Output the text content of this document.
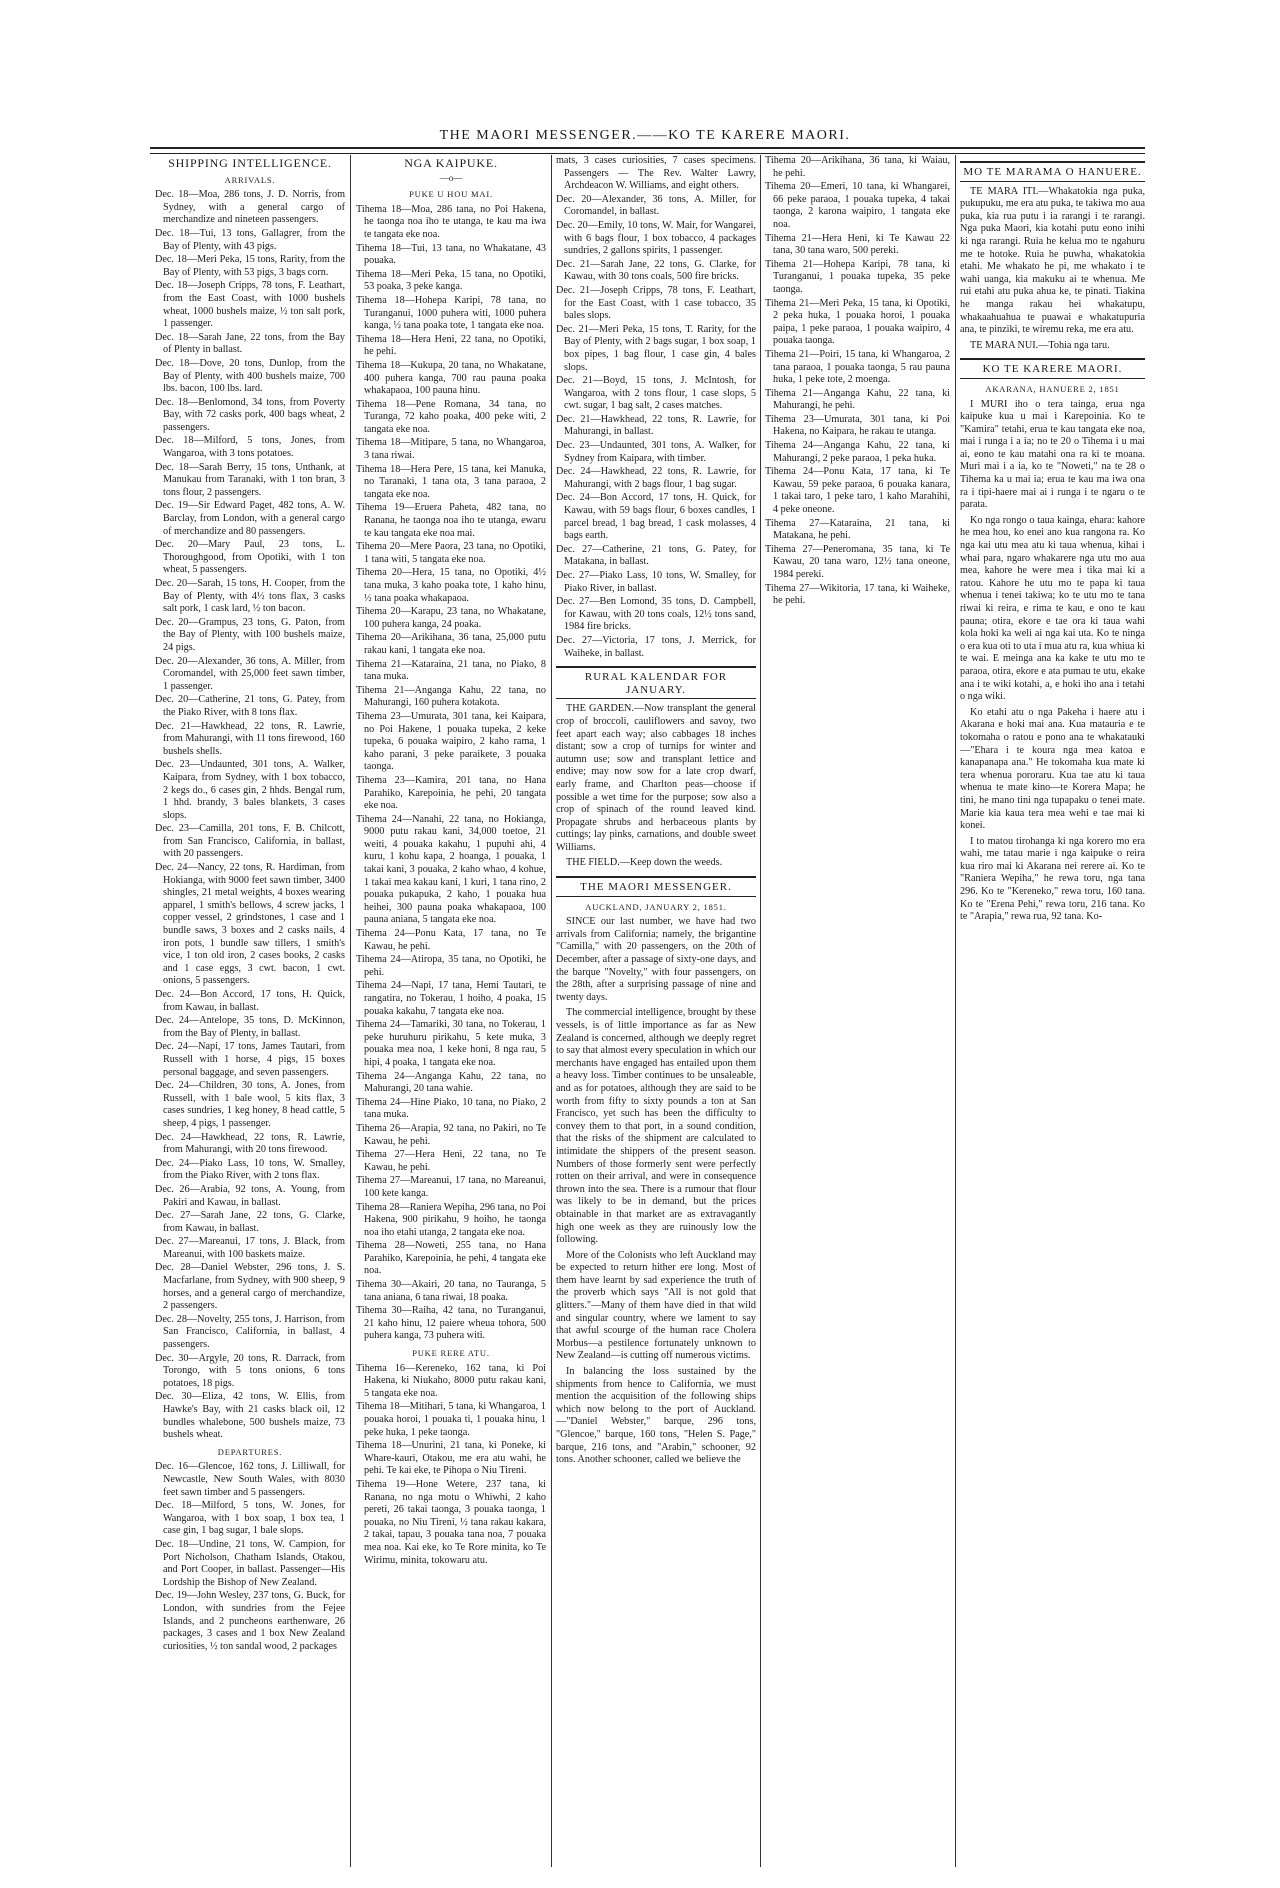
THE MAORI MESSENGER.——KO TE KARERE MAORI.
SHIPPING INTELLIGENCE.
ARRIVALS.

Dec. 18—Moa, 286 tons, J. D. Norris, from Sydney, with a general cargo of merchandize and nineteen passengers.

Dec. 18—Tui, 13 tons, Gallagrer, from the Bay of Plenty, with 43 pigs.

Dec. 18—Meri Peka, 15 tons, Rarity, from the Bay of Plenty, with 53 pigs, 3 bags corn.

Dec. 18—Joseph Cripps, 78 tons, F. Leathart, from the East Coast, with 1000 bushels wheat, 1000 bushels maize, ½ ton salt pork, 1 passenger.

Dec. 18—Sarah Jane, 22 tons, from the Bay of Plenty in ballast.

Dec. 18—Dove, 20 tons, Dunlop, from the Bay of Plenty, with 400 bushels maize, 700 lbs. bacon, 100 lbs. lard.

Dec. 18—Benlomond, 34 tons, from Poverty Bay, with 72 casks pork, 400 bags wheat, 2 passengers.

Dec. 18—Milford, 5 tons, Jones, from Wangaroa, with 3 tons potatoes.

Dec. 18—Sarah Berry, 15 tons, Unthank, at Manukau from Taranaki, with 1 ton bran, 3 tons flour, 2 passengers.

Dec. 19—Sir Edward Paget, 482 tons, A. W. Barclay, from London, with a general cargo of merchandize and 80 passengers.

Dec. 20—Mary Paul, 23 tons, L. Thoroughgood, from Opotiki, with 1 ton wheat, 5 passengers.

Dec. 20—Sarah, 15 tons, H. Cooper, from the Bay of Plenty, with 4½ tons flax, 3 casks salt pork, 1 cask lard, ½ ton bacon.

Dec. 20—Grampus, 23 tons, G. Paton, from the Bay of Plenty, with 100 bushels maize, 24 pigs.

Dec. 20—Alexander, 36 tons, A. Miller, from Coromandel, with 25,000 feet sawn timber, 1 passenger.

Dec. 20—Catherine, 21 tons, G. Patey, from the Piako River, with 8 tons flax.

Dec. 21—Hawkhead, 22 tons, R. Lawrie, from Mahurangi, with 11 tons firewood, 160 bushels shells.

Dec. 23—Undaunted, 301 tons, A. Walker, Kaipara, from Sydney, with 1 box tobacco, 2 kegs do., 6 cases gin, 2 hhds. Bengal rum, 1 hhd. brandy, 3 bales blankets, 3 cases slops.

Dec. 23—Camilla, 201 tons, F. B. Chilcott, from San Francisco, California, in ballast, with 20 passengers.

Dec. 24—Nancy, 22 tons, R. Hardiman, from Hokianga, with 9000 feet sawn timber, 3400 shingles, 21 metal weights, 4 boxes wearing apparel, 1 smith's bellows, 4 screw jacks, 1 copper vessel, 2 grindstones, 1 case and 1 bundle saws, 3 boxes and 2 casks nails, 4 iron pots, 1 bundle saw tillers, 1 smith's vice, 1 ton old iron, 2 cases books, 2 casks and 1 case eggs, 3 cwt. bacon, 1 cwt. onions, 5 passengers.

Dec. 24—Bon Accord, 17 tons, H. Quick, from Kawau, in ballast.

Dec. 24—Antelope, 35 tons, D. McKinnon, from the Bay of Plenty, in ballast.

Dec. 24—Napi, 17 tons, James Tautari, from Russell with 1 horse, 4 pigs, 15 boxes personal baggage, and seven passengers.

Dec. 24—Children, 30 tons, A. Jones, from Russell, with 1 bale wool, 5 kits flax, 3 cases sundries, 1 keg honey, 8 head cattle, 5 sheep, 4 pigs, 1 passenger.

Dec. 24—Hawkhead, 22 tons, R. Lawrie, from Mahurangi, with 20 tons firewood.

Dec. 24—Piako Lass, 10 tons, W. Smalley, from the Piako River, with 2 tons flax.

Dec. 26—Arabia, 92 tons, A. Young, from Pakiri and Kawau, in ballast.

Dec. 27—Sarah Jane, 22 tons, G. Clarke, from Kawau, in ballast.

Dec. 27—Mareanui, 17 tons, J. Black, from Mareanui, with 100 baskets maize.

Dec. 28—Daniel Webster, 296 tons, J. S. Macfarlane, from Sydney, with 900 sheep, 9 horses, and a general cargo of merchandize, 2 passengers.

Dec. 28—Novelty, 255 tons, J. Harrison, from San Francisco, California, in ballast, 4 passengers.

Dec. 30—Argyle, 20 tons, R. Darrack, from Torongo, with 5 tons onions, 6 tons potatoes, 18 pigs.

Dec. 30—Eliza, 42 tons, W. Ellis, from Hawke's Bay, with 21 casks black oil, 12 bundles whalebone, 500 bushels maize, 73 bushels wheat.

DEPARTURES.

Dec. 16—Glencoe, 162 tons, J. Lilliwall, for Newcastle, New South Wales, with 8030 feet sawn timber and 5 passengers.

Dec. 18—Milford, 5 tons, W. Jones, for Wangaroa, with 1 box soap, 1 box tea, 1 case gin, 1 bag sugar, 1 bale slops.

Dec. 18—Undine, 21 tons, W. Campion, for Port Nicholson, Chatham Islands, Otakou, and Port Cooper, in ballast. Passenger—His Lordship the Bishop of New Zealand.

Dec. 19—John Wesley, 237 tons, G. Buck, for London, with sundries from the Fejee Islands, and 2 puncheons earthenware, 26 packages, 3 cases and 1 box New Zealand curiosities, ½ ton sandal wood, 2 packages

NGA KAIPUKE.
—o—
PUKE U HOU MAI.

Tihema 18—Moa, 286 tana, no Poi Hakena, he taonga noa iho te utanga, te kau ma iwa te tangata eke noa.

Tihema 18—Tui, 13 tana, no Whakatane, 43 pouaka.

Tihema 18—Meri Peka, 15 tana, no Opotiki, 53 poaka, 3 peke kanga.

Tihema 18—Hohepa Karipi, 78 tana, no Turanganui, 1000 puhera witi, 1000 puhera kanga, ½ tana poaka tote, 1 tangata eke noa.

Tihema 18—Hera Heni, 22 tana, no Opotiki, he pehi.

Tihema 18—Kukupa, 20 tana, no Whakatane, 400 puhera kanga, 700 rau pauna poaka whakapaoa, 100 pauna hinu.

Tihema 18—Pene Romana, 34 tana, no Turanga, 72 kaho poaka, 400 peke witi, 2 tangata eke noa.

Tihema 18—Mitipare, 5 tana, no Whangaroa, 3 tana riwai.

Tihema 18—Hera Pere, 15 tana, kei Manuka, no Taranaki, 1 tana ota, 3 tana paraoa, 2 tangata eke noa.

Tihema 19—Eruera Paheta, 482 tana, no Ranana, he taonga noa iho te utanga, ewaru te kau tangata eke noa mai.

Tihema 20—Mere Paora, 23 tana, no Opotiki, 1 tana witi, 5 tangata eke noa.

Tihema 20—Hera, 15 tana, no Opotiki, 4½ tana muka, 3 kaho poaka tote, 1 kaho hinu, ½ tana poaka whakapaoa.

Tihema 20—Karapu, 23 tana, no Whakatane, 100 puhera kanga, 24 poaka.

Tihema 20—Arikihana, 36 tana, 25,000 putu rakau kani, 1 tangata eke noa.

Tihema 21—Kataraina, 21 tana, no Piako, 8 tana muka.

Tihema 21—Anganga Kahu, 22 tana, no Mahurangi, 160 puhera kotakota.

Tihema 23—Umurata, 301 tana, kei Kaipara, no Poi Hakene, 1 pouaka tupeka, 2 keke tupeka, 6 pouaka waipiro, 2 kaho rama, 1 kaho parani, 3 peke paraikete, 3 pouaka taonga.

Tihema 23—Kamira, 201 tana, no Hana Parahiko, Karepoinia, he pehi, 20 tangata eke noa.

Tihema 24—Nanahi, 22 tana, no Hokianga, 9000 putu rakau kani, 34,000 toetoe, 21 weiti, 4 pouaka kakahu, 1 pupuhi ahi, 4 kuru, 1 kohu kapa, 2 hoanga, 1 pouaka, 1 takai kani, 3 pouaka, 2 kaho whao, 4 kohue, 1 takai mea kakau kani, 1 kuri, 1 tana rino, 2 pouaka pukapuka, 2 kaho, 1 pouaka hua heihei, 300 pauna poaka whakapaoa, 100 pauna aniana, 5 tangata eke noa.

Tihema 24—Ponu Kata, 17 tana, no Te Kawau, he pehi.

Tihema 24—Atiropa, 35 tana, no Opotiki, he pehi.

Tihema 24—Napi, 17 tana, Hemi Tautari, te rangatira, no Tokerau, 1 hoiho, 4 poaka, 15 pouaka kakahu, 7 tangata eke noa.

Tihema 24—Tamariki, 30 tana, no Tokerau, 1 peke huruhuru pirikahu, 5 kete muka, 3 pouaka mea noa, 1 keke honi, 8 nga rau, 5 hipi, 4 poaka, 1 tangata eke noa.

Tihema 24—Anganga Kahu, 22 tana, no Mahurangi, 20 tana wahie.

Tihema 24—Hine Piako, 10 tana, no Piako, 2 tana muka.

Tihema 26—Arapia, 92 tana, no Pakiri, no Te Kawau, he pehi.

Tihema 27—Hera Heni, 22 tana, no Te Kawau, he pehi.

Tihema 27—Mareanui, 17 tana, no Mareanui, 100 kete kanga.

Tihema 28—Raniera Wepiha, 296 tana, no Poi Hakena, 900 pirikahu, 9 hoiho, he taonga noa iho etahi utanga, 2 tangata eke noa.

Tihema 28—Noweti, 255 tana, no Hana Parahiko, Karepoinia, he pehi, 4 tangata eke noa.

Tihema 30—Akairi, 20 tana, no Tauranga, 5 tana aniana, 6 tana riwai, 18 poaka.

Tihema 30—Raiha, 42 tana, no Turanganui, 21 kaho hinu, 12 paiere wheua tohora, 500 puhera kanga, 73 puhera witi.

PUKE RERE ATU.

Tihema 16—Kereneko, 162 tana, ki Poi Hakena, ki Niukaho, 8000 putu rakau kani, 5 tangata eke noa.

Tihema 18—Mitihari, 5 tana, ki Whangaroa, 1 pouaka horoi, 1 pouaka ti, 1 pouaka hinu, 1 peke huka, 1 peke taonga.

Tihema 18—Unurini, 21 tana, ki Poneke, ki Whare-kauri, Otakou, me era atu wahi, he pehi. Te kai eke, te Pihopa o Niu Tireni.

Tihema 19—Hone Wetere, 237 tana, ki Ranana, no nga motu o Whiwhi, 2 kaho pereti, 26 takai taonga, 3 pouaka taonga, 1 pouaka, no Niu Tireni, ½ tana rakau kakara, 2 takai, tapau, 3 pouaka tana noa, 7 pouaka mea noa. Kai eke, ko Te Rore minita, ko Te Wirimu, minita, tokowaru atu.

mats, 3 cases curiosities, 7 cases specimens. Passengers — The Rev. Walter Lawry, Archdeacon W. Williams, and eight others.

Dec. 20—Alexander, 36 tons, A. Miller, for Coromandel, in ballast.

Dec. 20—Emily, 10 tons, W. Mair, for Wangarei, with 6 bags flour, 1 box tobacco, 4 packages sundries, 2 gallons spirits, 1 passenger.

Dec. 21—Sarah Jane, 22 tons, G. Clarke, for Kawau, with 30 tons coals, 500 fire bricks.

Dec. 21—Joseph Cripps, 78 tons, F. Leathart, for the East Coast, with 1 case tobacco, 35 bales slops.

Dec. 21—Meri Peka, 15 tons, T. Rarity, for the Bay of Plenty, with 2 bags sugar, 1 box soap, 1 box pipes, 1 bag flour, 1 case gin, 4 bales slops.

Dec. 21—Boyd, 15 tons, J. McIntosh, for Wangaroa, with 2 tons flour, 1 case slops, 5 cwt. sugar, 1 bag salt, 2 cases matches.

Dec. 21—Hawkhead, 22 tons, R. Lawrie, for Mahurangi, in ballast.

Dec. 23—Undaunted, 301 tons, A. Walker, for Sydney from Kaipara, with timber.

Dec. 24—Hawkhead, 22 tons, R. Lawrie, for Mahurangi, with 2 bags flour, 1 bag sugar.

Dec. 24—Bon Accord, 17 tons, H. Quick, for Kawau, with 59 bags flour, 6 boxes candles, 1 parcel bread, 1 bag bread, 1 cask molasses, 4 bags earth.

Dec. 27—Catherine, 21 tons, G. Patey, for Matakana, in ballast.

Dec. 27—Piako Lass, 10 tons, W. Smalley, for Piako River, in ballast.

Dec. 27—Ben Lomond, 35 tons, D. Campbell, for Kawau, with 20 tons coals, 12½ tons sand, 1984 fire bricks.

Dec. 27—Victoria, 17 tons, J. Merrick, for Waiheke, in ballast.

RURAL KALENDAR FOR JANUARY.

THE GARDEN.—Now transplant the general crop of broccoli, cauliflowers and savoy, two feet apart each way; also cabbages 18 inches distant; sow a crop of turnips for winter and autumn use; sow and transplant lettice and endive; may now sow for a late crop dwarf, early frame, and Charlton peas—choose if possible a wet time for the purpose; sow also a crop of spinach of the round leaved kind. Propagate shrubs and herbaceous plants by cuttings; lay pinks, carnations, and double sweet Williams.

THE FIELD.—Keep down the weeds.

THE MAORI MESSENGER.
AUCKLAND, JANUARY 2, 1851.

SINCE our last number, we have had two arrivals from California; namely, the brigantine "Camilla," with 20 passengers, on the 20th of December, after a passage of sixty-one days, and the barque "Novelty," with four passengers, on the 28th, after a surprising passage of nine and twenty days.

The commercial intelligence, brought by these vessels, is of little importance as far as New Zealand is concerned, although we deeply regret to say that almost every speculation in which our merchants have engaged has entailed upon them a heavy loss. Timber continues to be unsaleable, and as for potatoes, although they are said to be worth from fifty to sixty pounds a ton at San Francisco, yet such has been the difficulty to convey them to that port, in a sound condition, that the risks of the shipment are calculated to intimidate the shippers of the present season. Numbers of those formerly sent were perfectly rotten on their arrival, and were in consequence thrown into the sea. There is a rumour that flour was likely to be in demand, but the prices obtainable in that market are as extravagantly high one week as they are ruinously low the following.

More of the Colonists who left Auckland may be expected to return hither ere long. Most of them have learnt by sad experience the truth of the proverb which says "All is not gold that glitters."—Many of them have died in that wild and singular country, where we lament to say that awful scourge of the human race Cholera Morbus—a pestilence fortunately unknown to New Zealand—is cutting off numerous victims.

In balancing the loss sustained by the shipments from hence to California, we must mention the acquisition of the following ships which now belong to the port of Auckland.—"Daniel Webster," barque, 296 tons, "Glencoe," barque, 160 tons, "Helen S. Page," barque, 216 tons, and "Arabin," schooner, 92 tons. Another schooner, called we believe the

Tihema 20—Arikihana, 36 tana, ki Waiau, he pehi.

Tihema 20—Emeri, 10 tana, ki Whangarei, 66 peke paraoa, 1 pouaka tupeka, 4 takai taonga, 2 karona waipiro, 1 tangata eke noa.

Tihema 21—Hera Heni, ki Te Kawau 22 tana, 30 tana waro, 500 pereki.

Tihema 21—Hohepa Karipi, 78 tana, ki Turanganui, 1 pouaka tupeka, 35 peke taonga.

Tihema 21—Meri Peka, 15 tana, ki Opotiki, 2 peka huka, 1 pouaka horoi, 1 pouaka paipa, 1 peke paraoa, 1 pouaka waipiro, 4 pouaka taonga.

Tihema 21—Poiri, 15 tana, ki Whangaroa, 2 tana paraoa, 1 pouaka taonga, 5 rau pauna huka, 1 peke tote, 2 moenga.

Tihema 21—Anganga Kahu, 22 tana, ki Mahurangi, he pehi.

Tihema 23—Umurata, 301 tana, ki Poi Hakena, no Kaipara, he rakau te utanga.

Tihema 24—Anganga Kahu, 22 tana, ki Mahurangi, 2 peke paraoa, 1 peka huka.

Tihema 24—Ponu Kata, 17 tana, ki Te Kawau, 59 peke paraoa, 6 pouaka kanara, 1 takai taro, 1 peke taro, 1 kaho Marahihi, 4 peke oneone.

Tihema 27—Kataraina, 21 tana, ki Matakana, he pehi.

Tihema 27—Peneromana, 35 tana, ki Te Kawau, 20 tana waro, 12½ tana oneone, 1984 pereki.

Tihema 27—Wikitoria, 17 tana, ki Waiheke, he pehi.

MO TE MARAMA O HANUERE.

TE MARA ITI.—Whakatokia nga puka, pukupuku, me era atu puka, te takiwa mo aua puka, kia rua putu i ia rarangi i te rarangi. Nga puka Maori, kia kotahi putu eono inihi ki nga rarangi. Ruia he kelua mo te ngahuru me te hotoke. Ruia he puwha, whakatokia etahi. Me whakato he pi, me whakato i te wahi uanga, kia makuku ai te whenua. Me rui etahi atu puka ahua ke, te pinati. Tiakina he manga rakau hei whakatupu, whakaahuahua te puawai e whakatupuria ana, te pinziki, te wiremu reka, me era atu.

TE MARA NUI.—Tohia nga taru.

KO TE KARERE MAORI.
AKARANA, HANUERE 2, 1851

I MURI iho o tera tainga, erua nga kaipuke kua u mai i Karepoinia. Ko te "Kamira" tetahi, erua te kau tangata eke noa, mai i runga i a ia; no te 20 o Tihema i u mai ai, eono te kau matahi ona ra ki te moana. Muri mai i a ia, ko te "Noweti," na te 28 o Tihema ka u mai ia; erua te kau ma iwa ona ra i tipi-haere mai ai i runga i te ngaru o te parata.

Ko nga rongo o taua kainga, ehara: kahore he mea hou, ko enei ano kua rangona ra. Ko nga kai utu mea atu ki taua whenua, kihai i whai para, ngaro whakarere nga utu mo aua mea, kahore he were mea i tika mai ki a ratou. Kahore he utu mo te papa ki taua whenua i tenei takiwa; ko te utu mo te tana riwai ki reira, e rima te kau, e ono te kau pauna; otira, ekore e tae ora ki taua wahi kola hoki ka weli ai nga kai uta. Ko te ninga o era kua oti to uta i mua atu ra, kua whiua ki te wai. E meinga ana ka kake te utu mo te paraoa, otira, ekore e ata pumau te utu, ekake ana i te wiki kotahi, a, e hoki iho ana i tetahi o nga wiki.

Ko etahi atu o nga Pakeha i haere atu i Akarana e hoki mai ana. Kua matauria e te tokomaha o ratou e pono ana te whakatauki—"Ehara i te koura nga mea katoa e kanapanapa ana." He tokomaha kua mate ki tera whenua pororaru. Kua tae atu ki taua whenua te mate kino—te Korera Mapa; he tini, he mano tini nga tupapaku o tenei mate. Marie kia kaua tera mea wehi e tae mai ki konei.

I to matou tirohanga ki nga korero mo era wahi, me tatau marie i nga kaipuke o reira kua riro mai ki Akarana nei rerere ai. Ko te "Raniera Wepiha," he rewa toru, nga tana 296. Ko te "Kereneko," rewa toru, 160 tana. Ko te "Erena Pehi," rewa toru, 216 tana. Ko te "Arapia," rewa rua, 92 tana. Ko-
